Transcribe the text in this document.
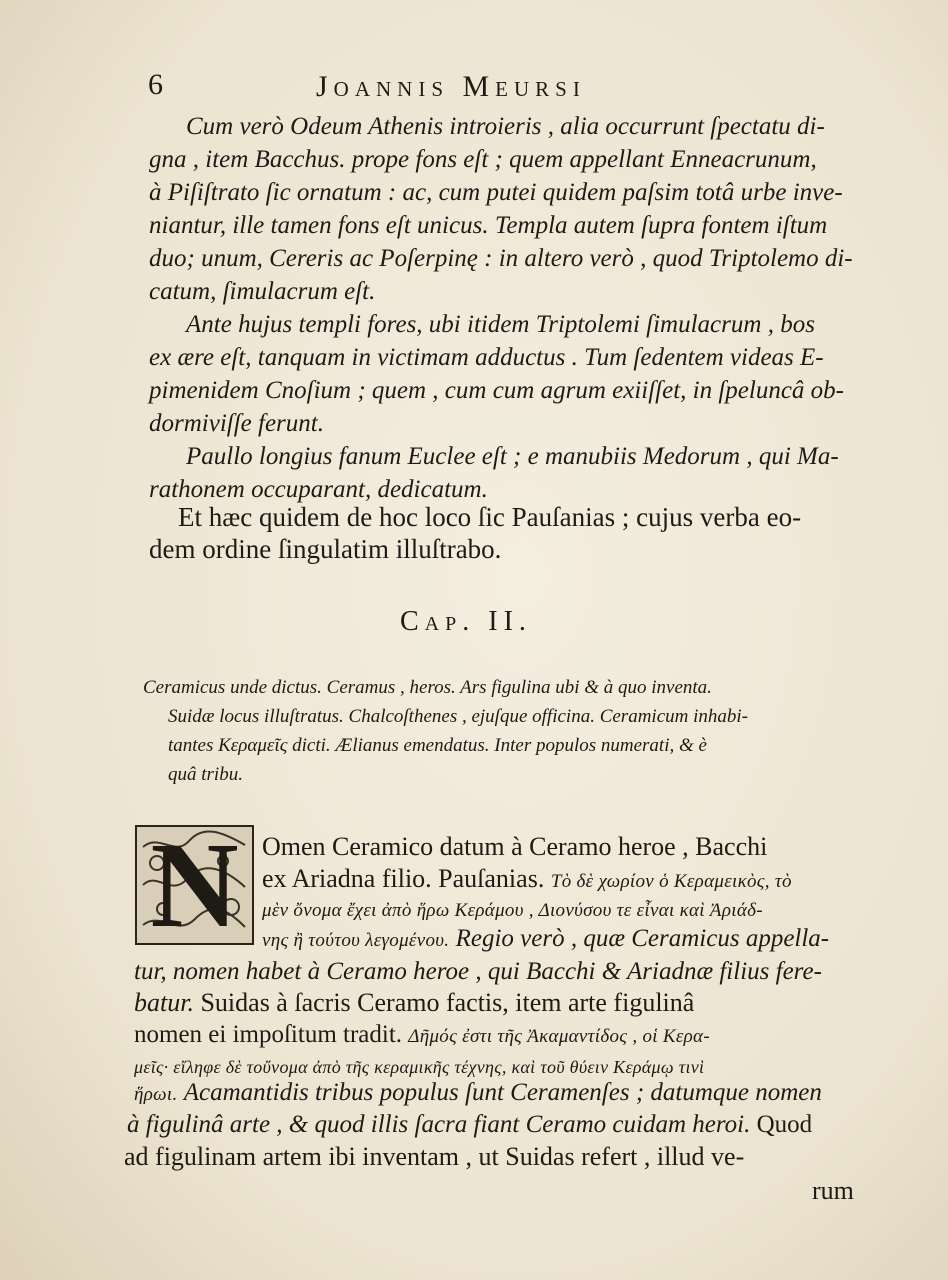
6	Joannis Meursi
Cum verò Odeum Athenis introieris , alia occurrunt ſpectatu di-
gna , item Bacchus. prope fons eſt ; quem appellant Enneacrunum,
à Piſiſtrato ſic ornatum : ac, cum putei quidem paſsim totâ urbe inve-
niantur, ille tamen fons eſt unicus. Templa autem ſupra fontem iſtum
duo; unum, Cereris ac Poſerpinę : in altero verò , quod Triptolemo di-
catum, ſimulacrum eſt.
Ante hujus templi fores, ubi itidem Triptolemi ſimulacrum , bos
ex ære eſt, tanquam in victimam adductus . Tum ſedentem videas E-
pimenidem Cnoſium ; quem , cum cum agrum exiiſſet, in ſpeluncâ ob-
dormiviſſe ferunt.
Paullo longius fanum Euclee eſt ; e manubiis Medorum , qui Ma-
rathonem occuparant, dedicatum.
Et hæc quidem de hoc loco ſic Pauſanias ; cujus verba eo-
dem ordine ſingulatim illuſtrabo.
Cap. II.
Ceramicus unde dictus. Ceramus , heros. Ars figulina ubi & à quo inventa.
Suidæ locus illuſtratus. Chalcoſthenes , ejuſque officina. Ceramicum inhabi-
tantes Κεραμεῖς dicti. Ælianus emendatus. Inter populos numerati, & è
quâ tribu.
N Omen Ceramico datum à Ceramo heroe , Bacchi
ex Ariadna filio. Pauſanias. Τὸ δὲ χωρίον ὁ Κεραμεικὸς, τὸ
μὲν ὄνομα ἔχει ἀπὸ ἥρω Κεράμου , Διονύσου τε εἶναι καὶ Ἀριάδ-
νης ἢ τούτου λεγομένου. Regio verò , quæ Ceramicus appella-
tur, nomen habet à Ceramo heroe , qui Bacchi & Ariadnæ filius fere-
batur. Suidas à ſacris Ceramo factis, item arte figulinâ
nomen ei impoſitum tradit. Δῆμός ἐστι τῆς Ἀκαμαντίδος , οἱ Κερα-
μεῖς· εἴληφε δὲ τοὔνομα ἀπὸ τῆς κεραμικῆς τέχνης, καὶ τοῦ θύειν Κεράμῳ τινὶ
ἥρωι. Acamantidis tribus populus ſunt Ceramenſes ; datumque nomen
à figulinâ arte , & quod illis ſacra fiant Ceramo cuidam heroi. Quod
ad figulinam artem ibi inventam , ut Suidas refert , illud ve-
rum
